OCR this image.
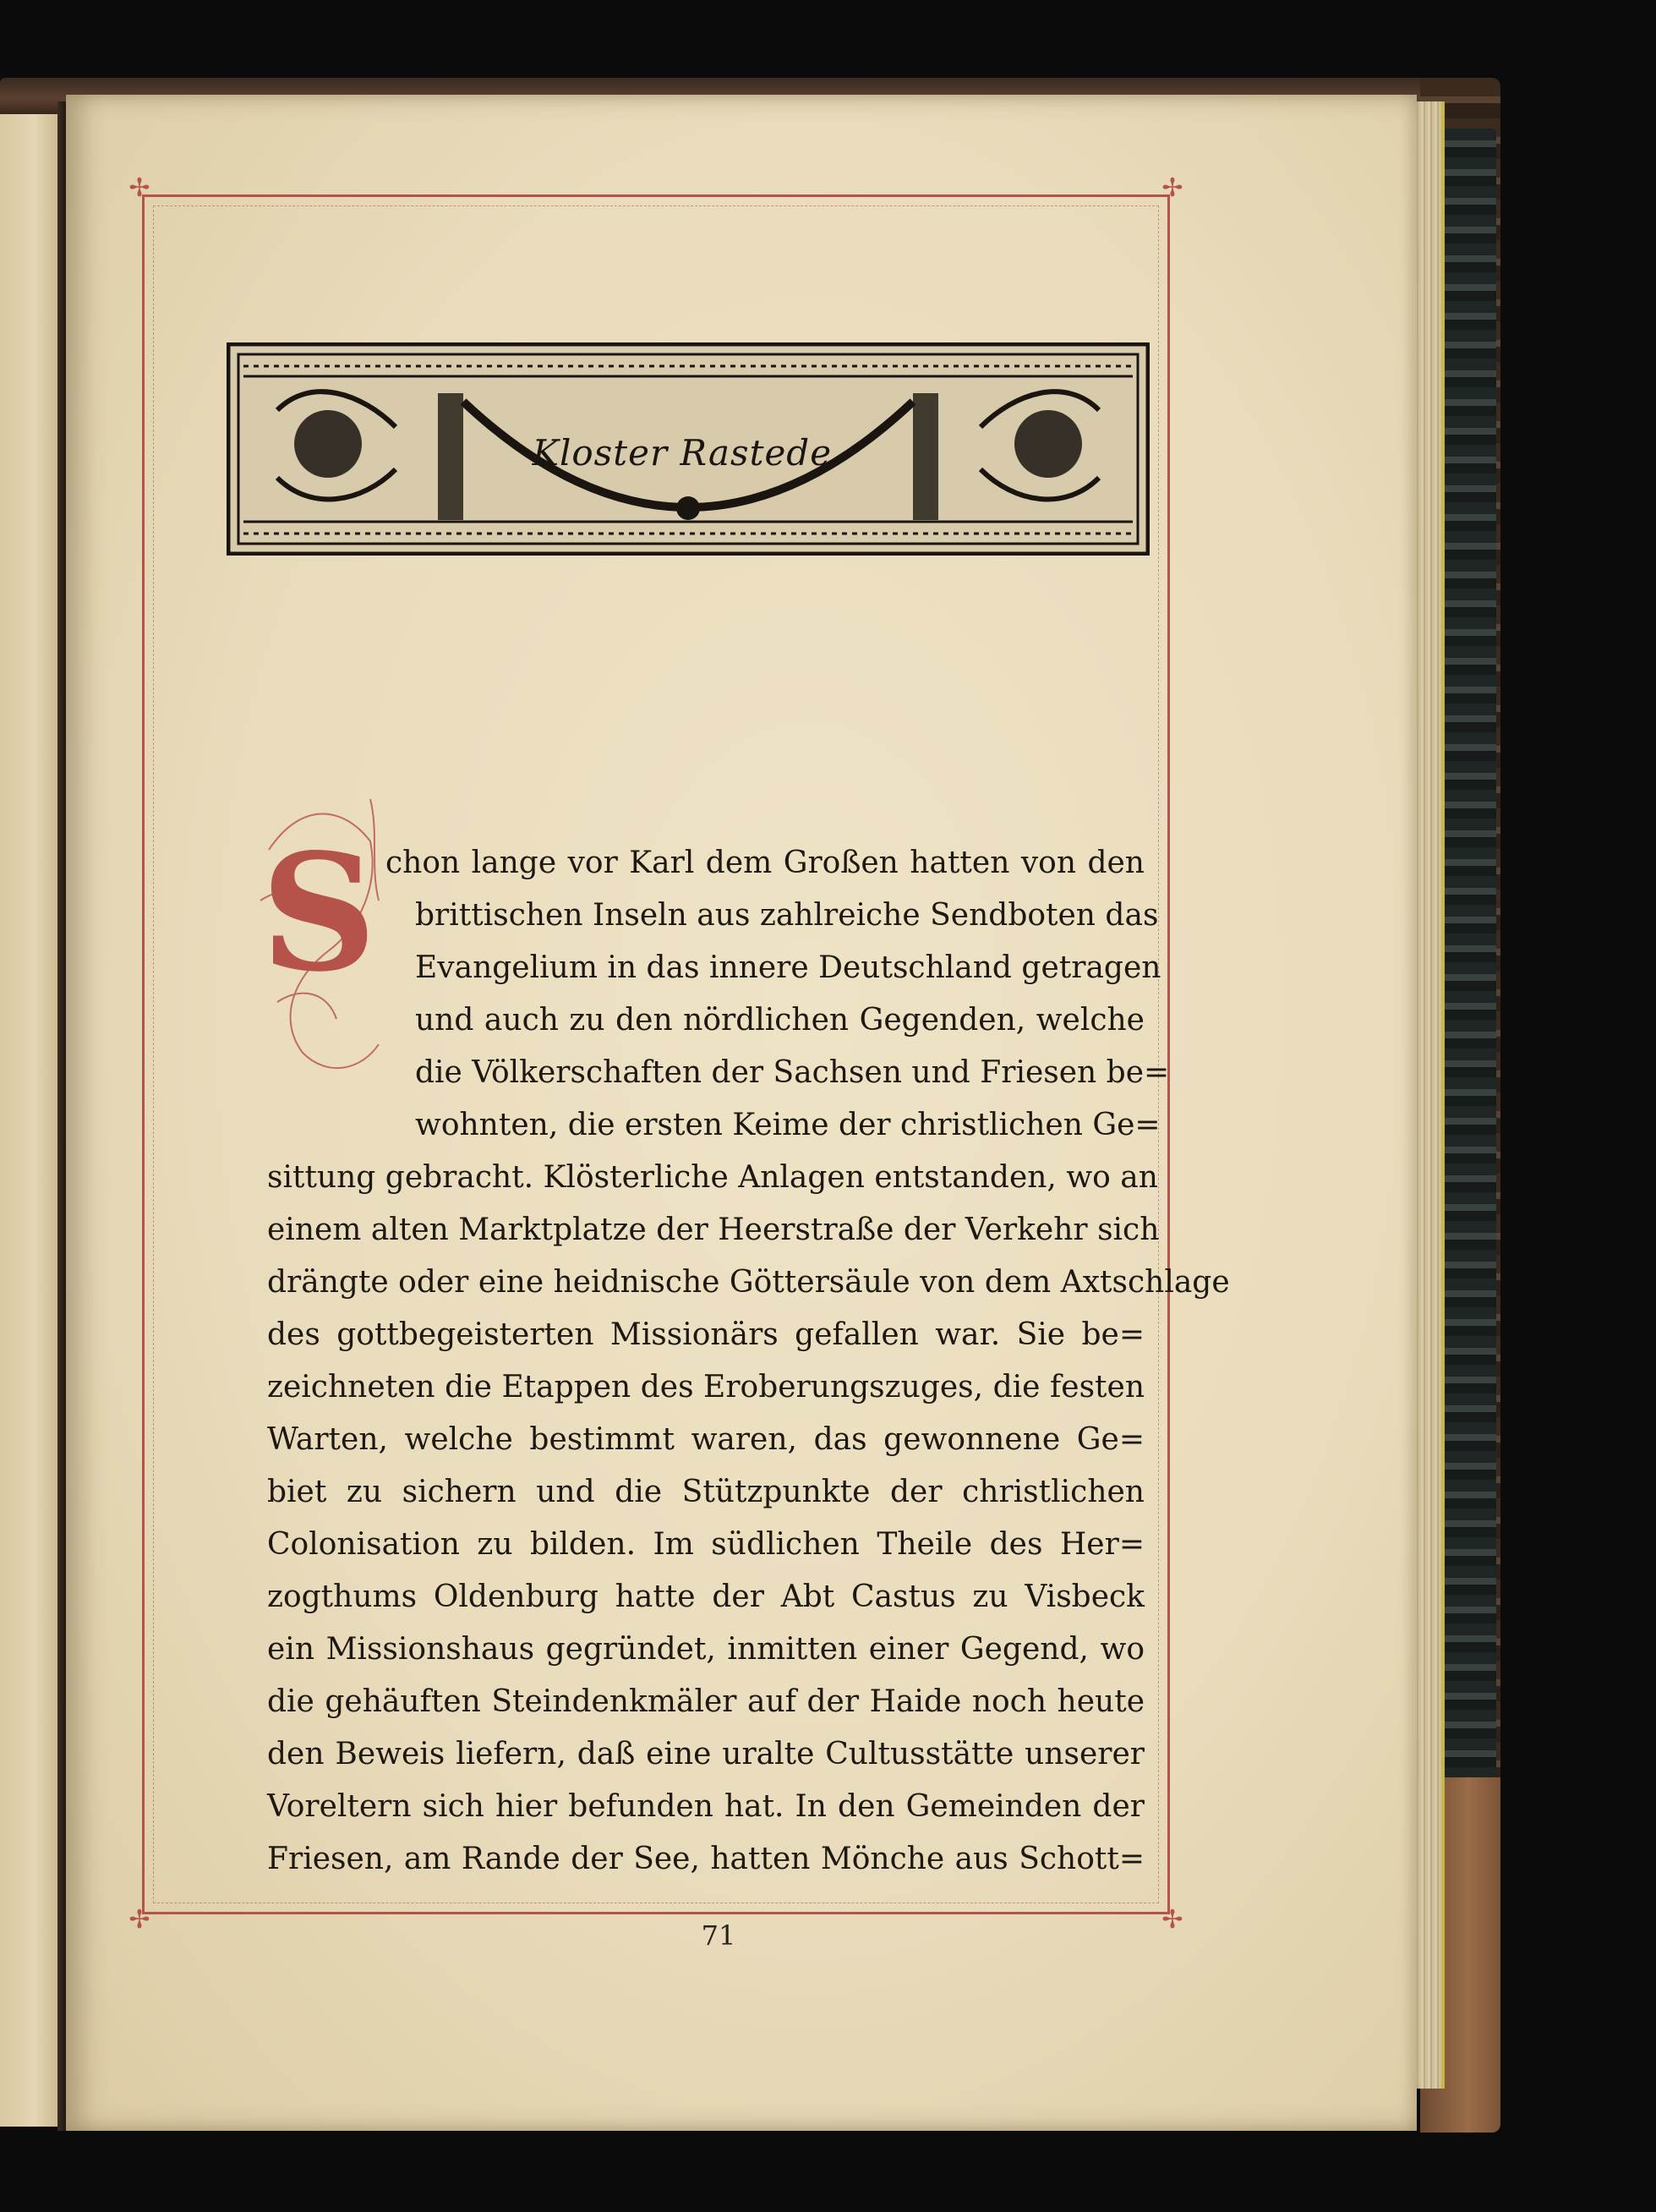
✢	✢
✢	✢
Kloster Rastede.
S chon lange vor Karl dem Großen hatten von den
brittischen Inseln aus zahlreiche Sendboten das
Evangelium in das innere Deutschland getragen
und auch zu den nördlichen Gegenden, welche
die Völkerschaften der Sachsen und Friesen be=
wohnten, die ersten Keime der christlichen Ge=
sittung gebracht. Klösterliche Anlagen entstanden, wo an
einem alten Marktplatze der Heerstraße der Verkehr sich
drängte oder eine heidnische Göttersäule von dem Axtschlage
des gottbegeisterten Missionärs gefallen war. Sie be=
zeichneten die Etappen des Eroberungszuges, die festen
Warten, welche bestimmt waren, das gewonnene Ge=
biet zu sichern und die Stützpunkte der christlichen
Colonisation zu bilden. Im südlichen Theile des Her=
zogthums Oldenburg hatte der Abt Castus zu Visbeck
ein Missionshaus gegründet, inmitten einer Gegend, wo
die gehäuften Steindenkmäler auf der Haide noch heute
den Beweis liefern, daß eine uralte Cultusstätte unserer
Voreltern sich hier befunden hat. In den Gemeinden der
Friesen, am Rande der See, hatten Mönche aus Schott=
71
